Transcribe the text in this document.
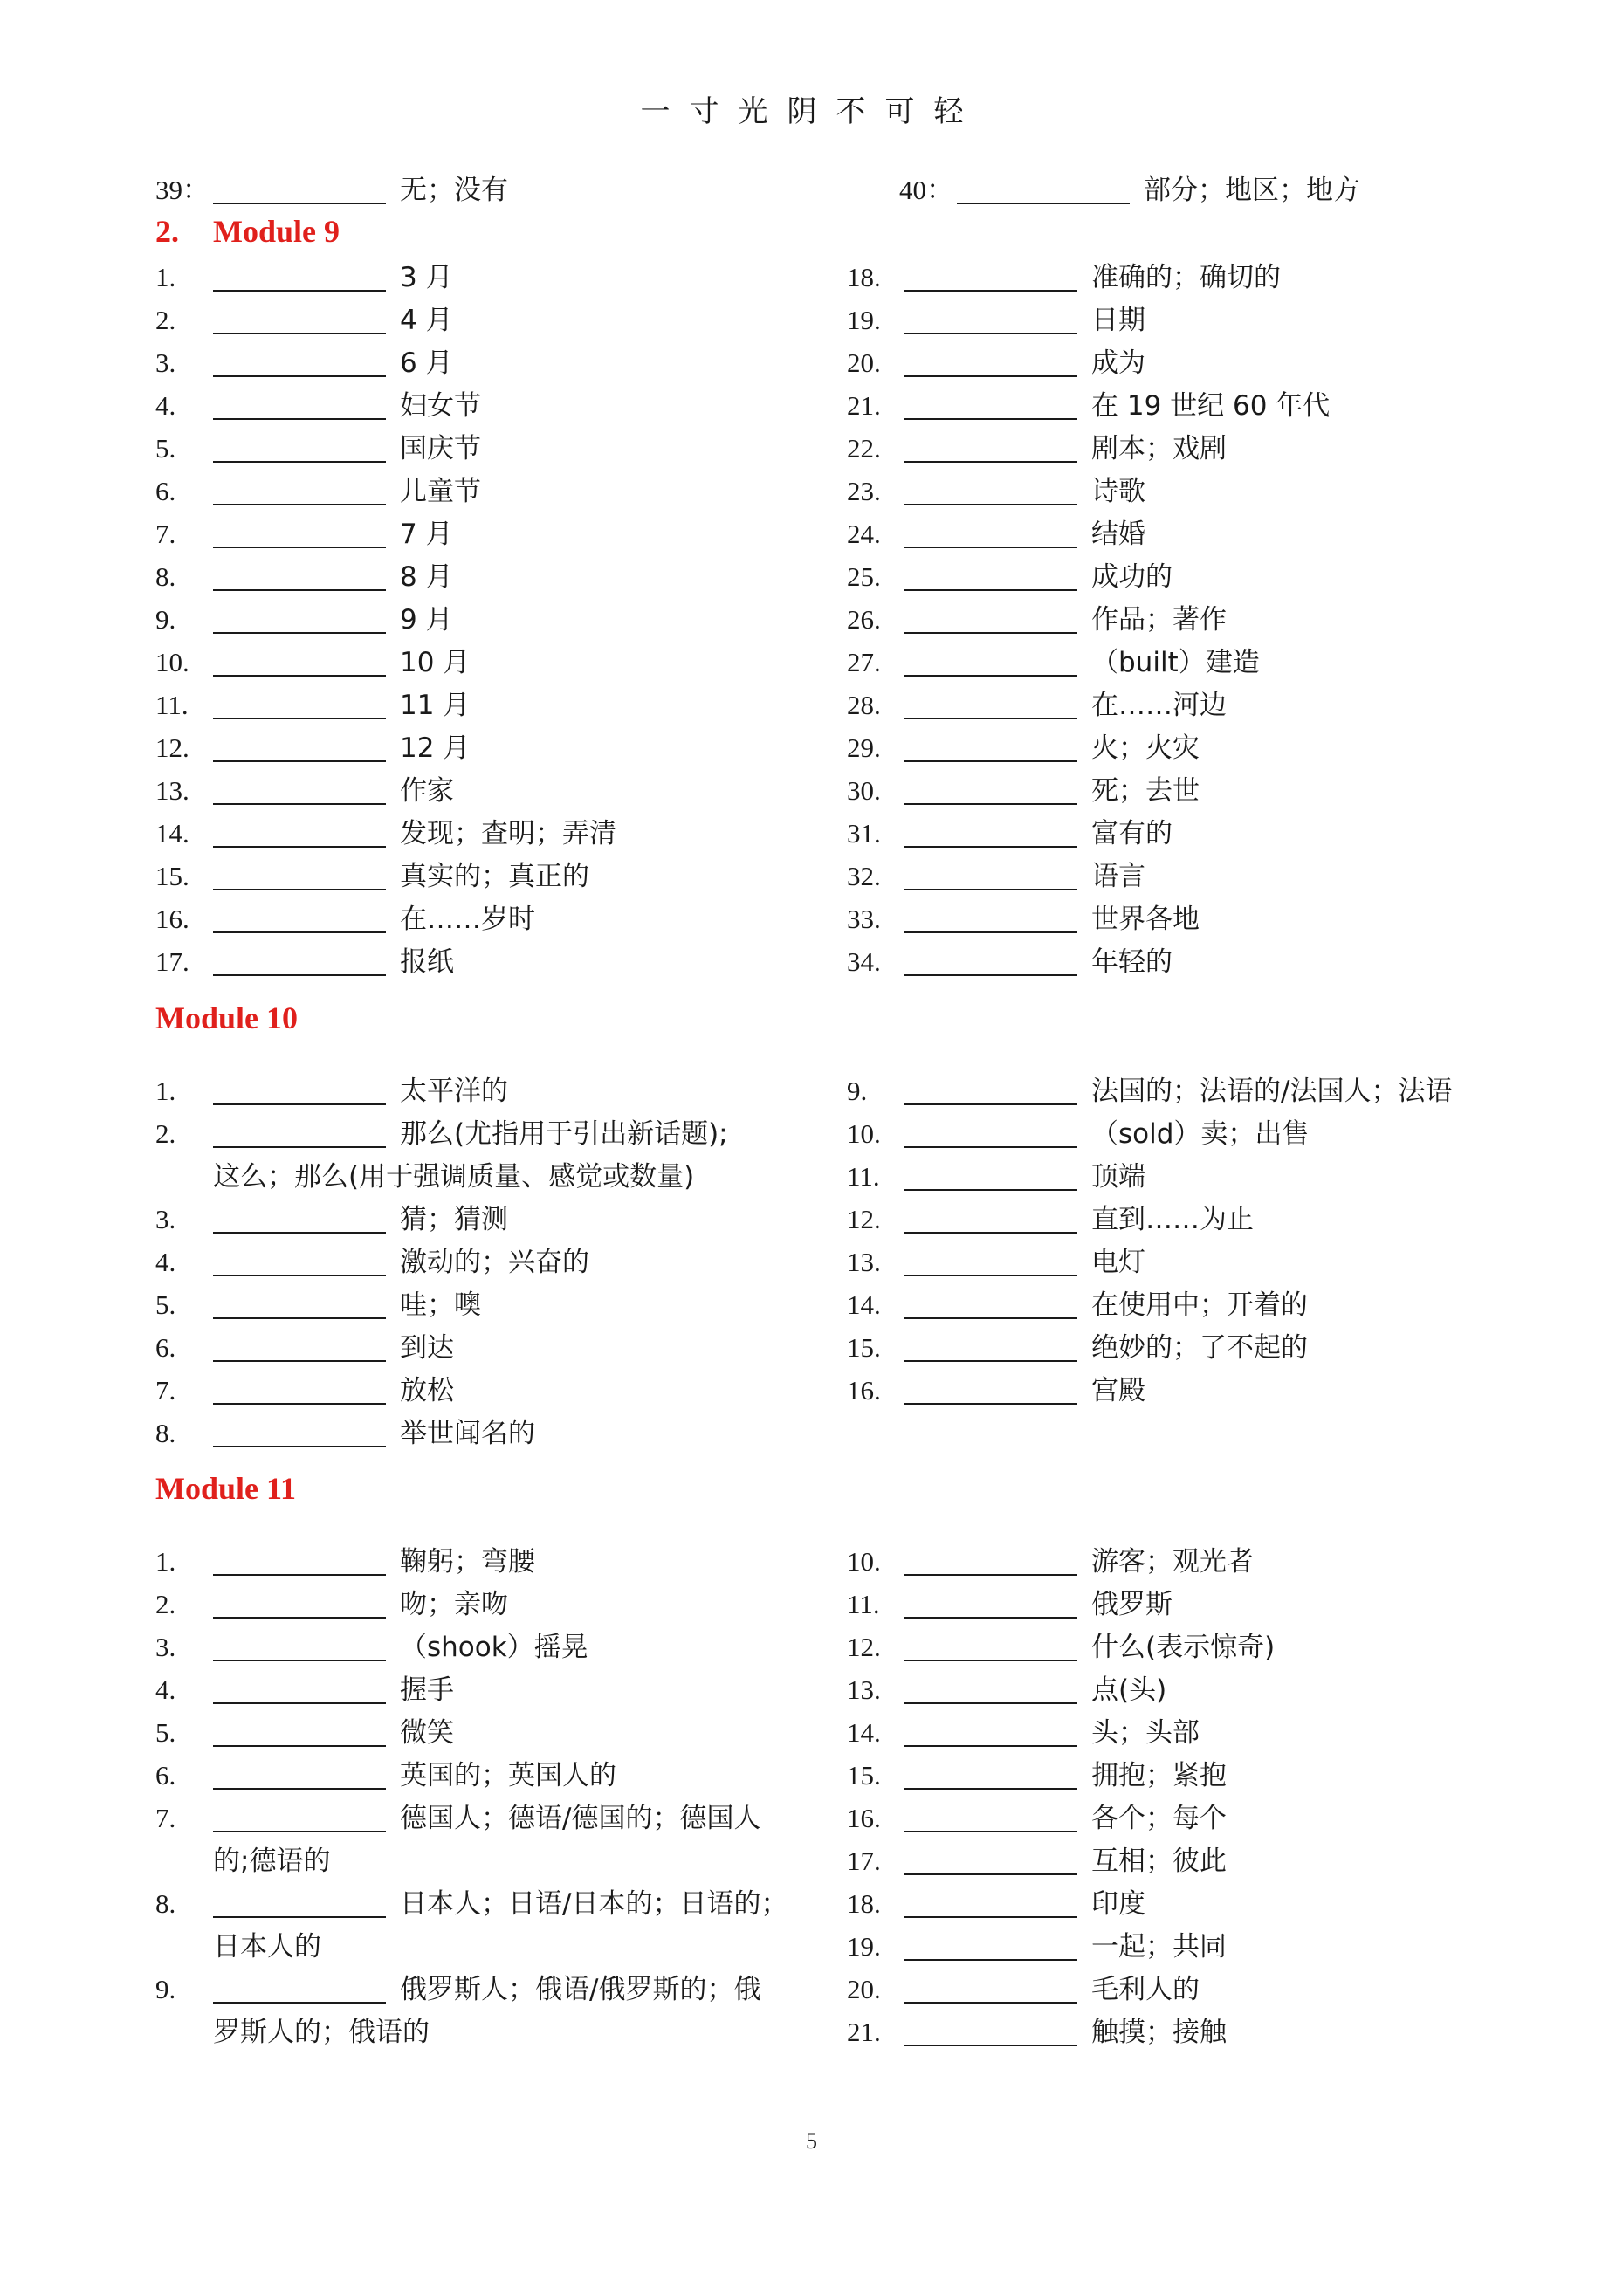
一寸光阴不可轻
39：	无；没有	40：	部分；地区；地方
2. Module 9
1.	3 月
2.	4 月
3.	6 月
4.	妇女节
5.	国庆节
6.	儿童节
7.	7 月
8.	8 月
9.	9 月
10.	10 月
11.	11 月
12.	12 月
13.	作家
14.	发现；查明；弄清
15.	真实的；真正的
16.	在……岁时
17.	报纸
18.	准确的；确切的
19.	日期
20.	成为
21.	在 19 世纪 60 年代
22.	剧本；戏剧
23.	诗歌
24.	结婚
25.	成功的
26.	作品；著作
27.	（built）建造
28.	在……河边
29.	火；火灾
30.	死；去世
31.	富有的
32.	语言
33.	世界各地
34.	年轻的
Module 10
1.	太平洋的
2.	那么(尤指用于引出新话题);
这么；那么(用于强调质量、感觉或数量)
3.	猜；猜测
4.	激动的；兴奋的
5.	哇；噢
6.	到达
7.	放松
8.	举世闻名的
9.	法国的；法语的/法国人；法语
10.	（sold）卖；出售
11.	顶端
12.	直到……为止
13.	电灯
14.	在使用中；开着的
15.	绝妙的；了不起的
16.	宫殿
Module 11
1.	鞠躬；弯腰
2.	吻；亲吻
3.	（shook）摇晃
4.	握手
5.	微笑
6.	英国的；英国人的
7.	德国人；德语/德国的；德国人
的;德语的
8.	日本人；日语/日本的；日语的；
日本人的
9.	俄罗斯人；俄语/俄罗斯的；俄
罗斯人的；俄语的
10.	游客；观光者
11.	俄罗斯
12.	什么(表示惊奇)
13.	点(头)
14.	头；头部
15.	拥抱；紧抱
16.	各个；每个
17.	互相；彼此
18.	印度
19.	一起；共同
20.	毛利人的
21.	触摸；接触
5
